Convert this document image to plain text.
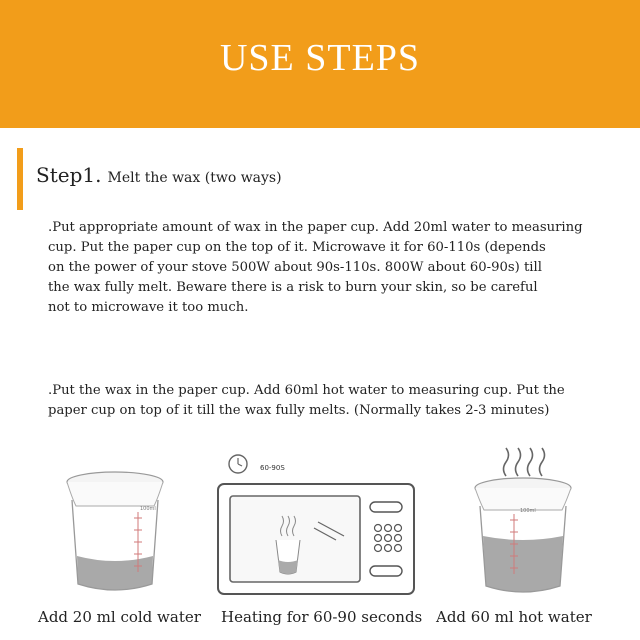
USE STEPS
Step1. Melt the wax (two ways)
.Put appropriate amount of wax in the paper cup. Add 20ml water to measuring
cup. Put the paper cup on the top of it. Microwave it for 60-110s (depends
on the power of your stove 500W about 90s-110s. 800W about 60-90s) till
the wax fully melt. Beware there is a risk to burn your skin, so be careful
not to microwave it too much.
.Put the wax in the paper cup. Add 60ml hot water to measuring cup. Put the
paper cup on top of it till the wax fully melts. (Normally takes 2-3 minutes)
100ml
60-90S
100ml
Add 20 ml cold water Heating for 60-90 seconds Add 60 ml hot water
